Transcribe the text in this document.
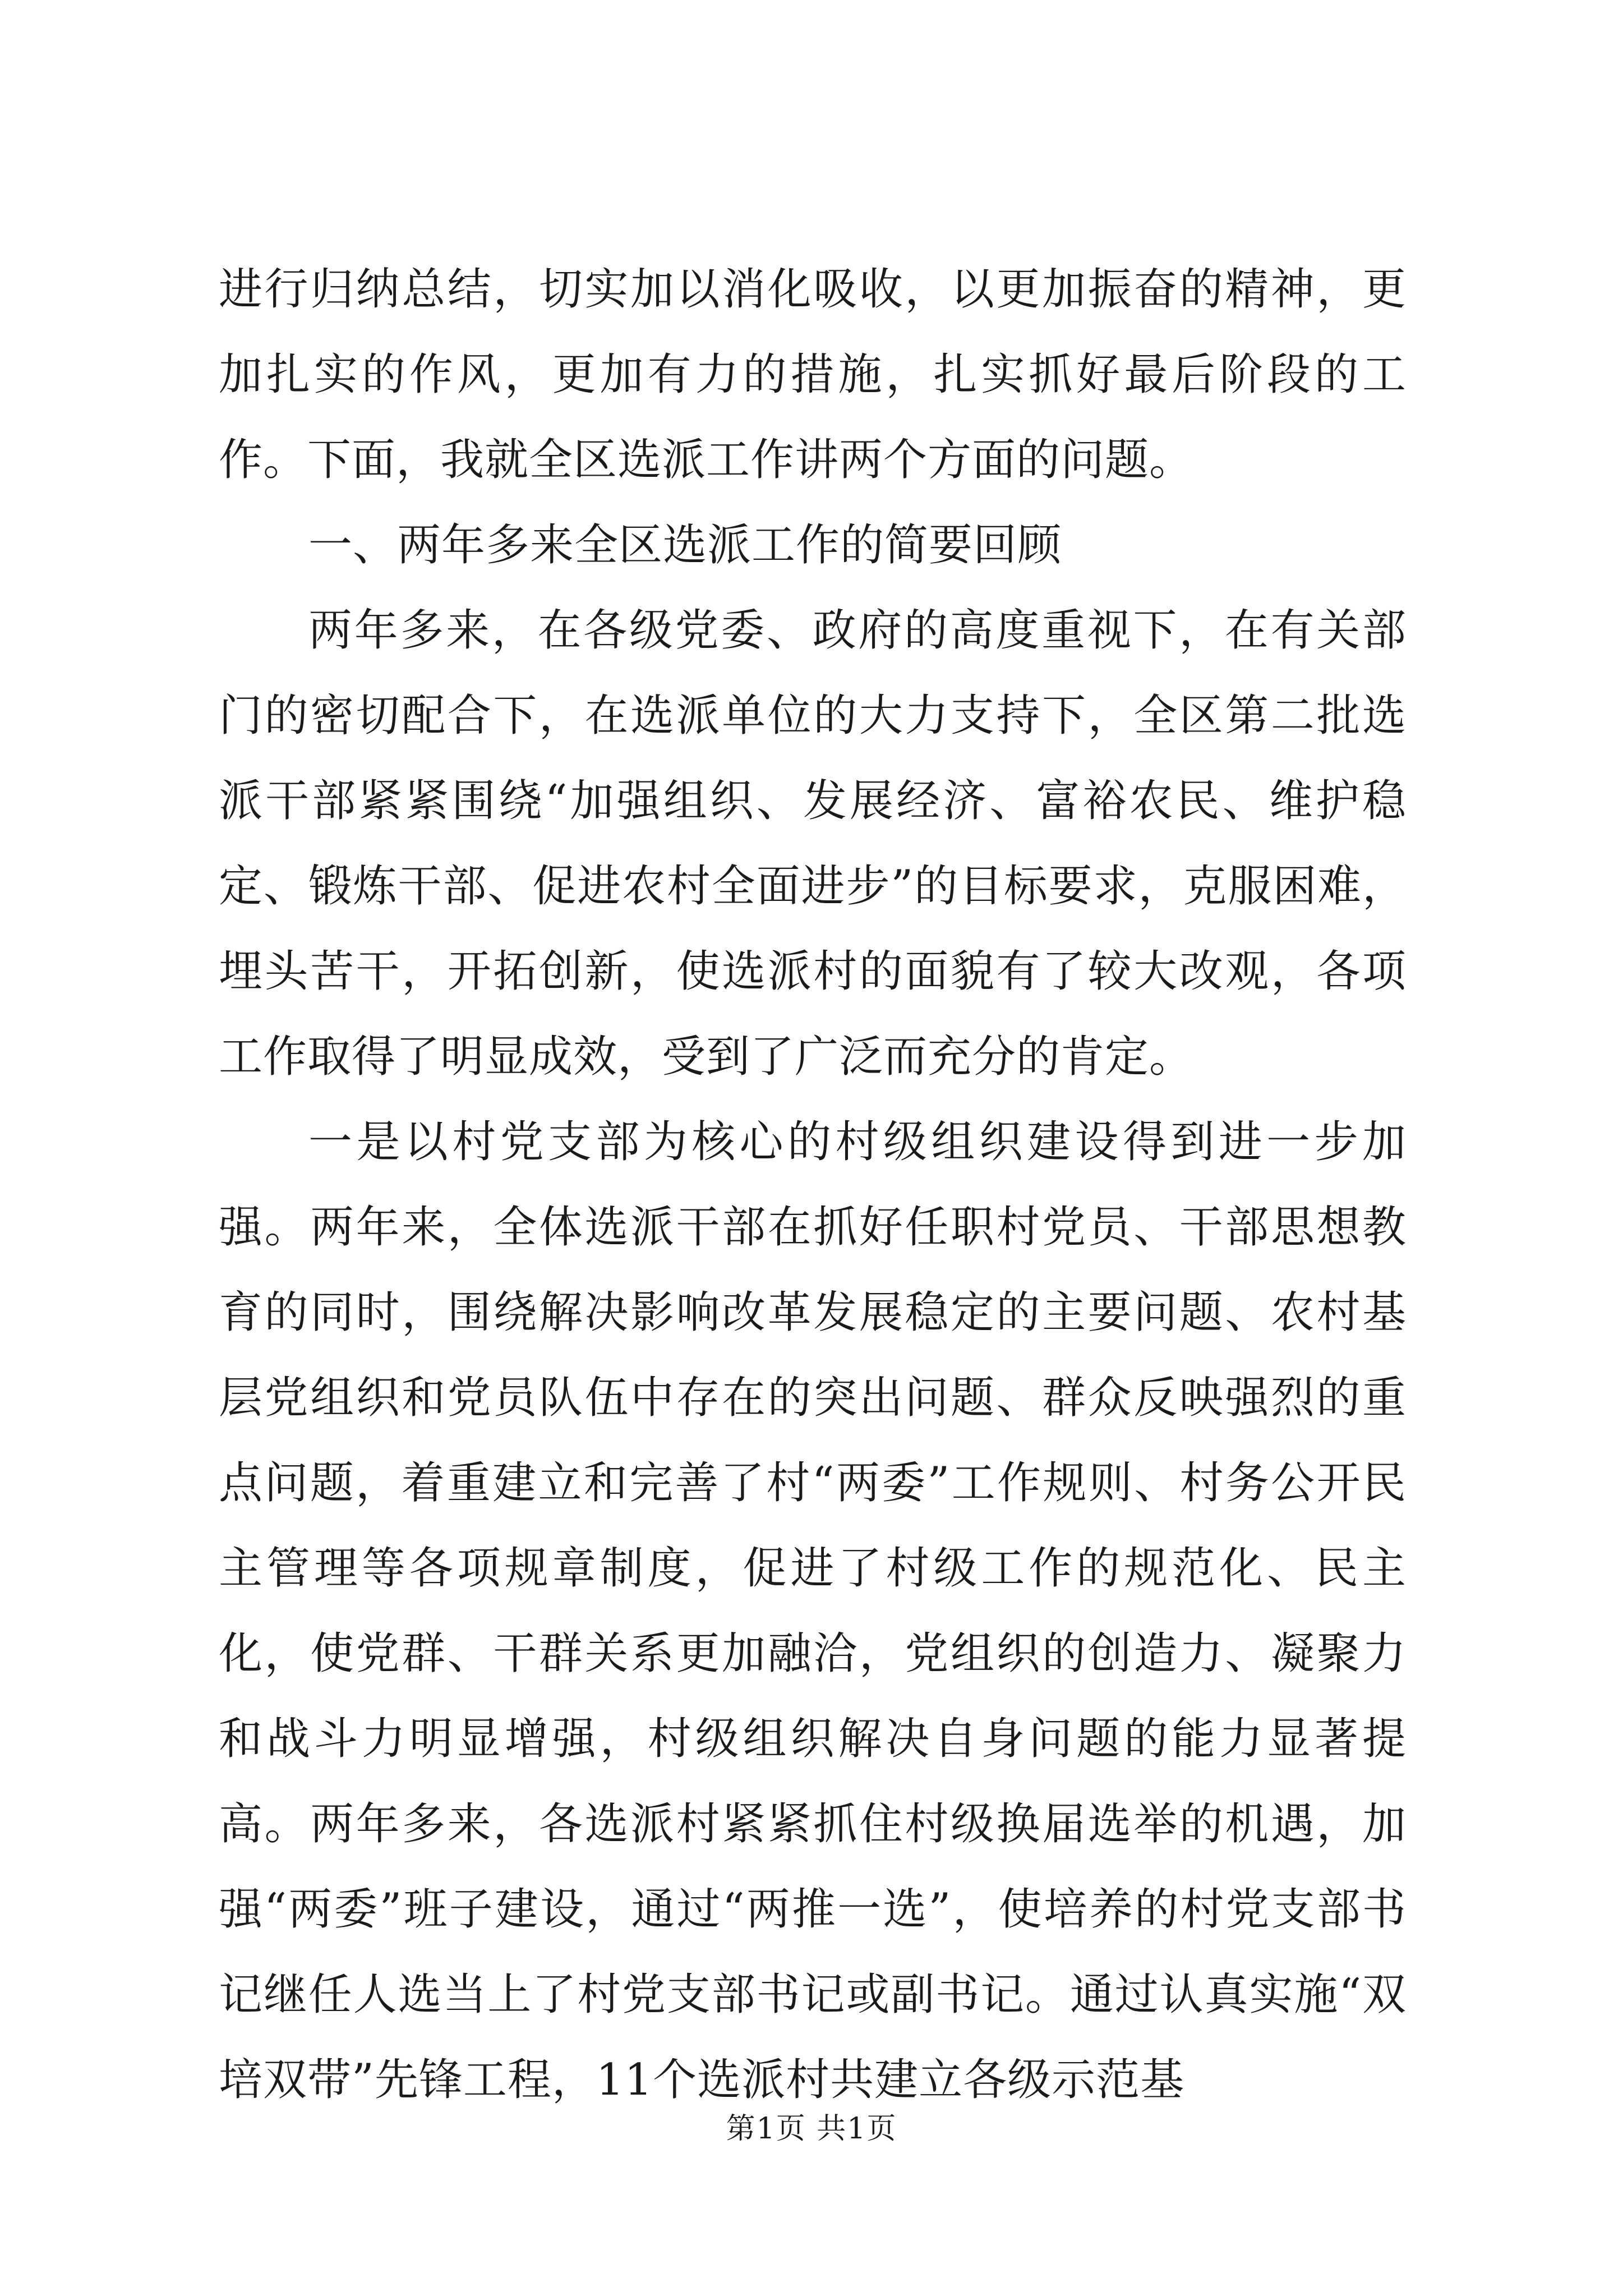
进行归纳总结，切实加以消化吸收，以更加振奋的精神，更加扎实的作风，更加有力的措施，扎实抓好最后阶段的工作。下面，我就全区选派工作讲两个方面的问题。

一、两年多来全区选派工作的简要回顾

两年多来，在各级党委、政府的高度重视下，在有关部门的密切配合下，在选派单位的大力支持下，全区第二批选派干部紧紧围绕“加强组织、发展经济、富裕农民、维护稳定、锻炼干部、促进农村全面进步”的目标要求，克服困难，埋头苦干，开拓创新，使选派村的面貌有了较大改观，各项工作取得了明显成效，受到了广泛而充分的肯定。

一是以村党支部为核心的村级组织建设得到进一步加强。两年来，全体选派干部在抓好任职村党员、干部思想教育的同时，围绕解决影响改革发展稳定的主要问题、农村基层党组织和党员队伍中存在的突出问题、群众反映强烈的重点问题，着重建立和完善了村“两委”工作规则、村务公开民主管理等各项规章制度，促进了村级工作的规范化、民主化，使党群、干群关系更加融洽，党组织的创造力、凝聚力和战斗力明显增强，村级组织解决自身问题的能力显著提高。两年多来，各选派村紧紧抓住村级换届选举的机遇，加强“两委”班子建设，通过“两推一选”，使培养的村党支部书记继任人选当上了村党支部书记或副书记。通过认真实施“双培双带”先锋工程，11个选派村共建立各级示范基

第1页 共1页
